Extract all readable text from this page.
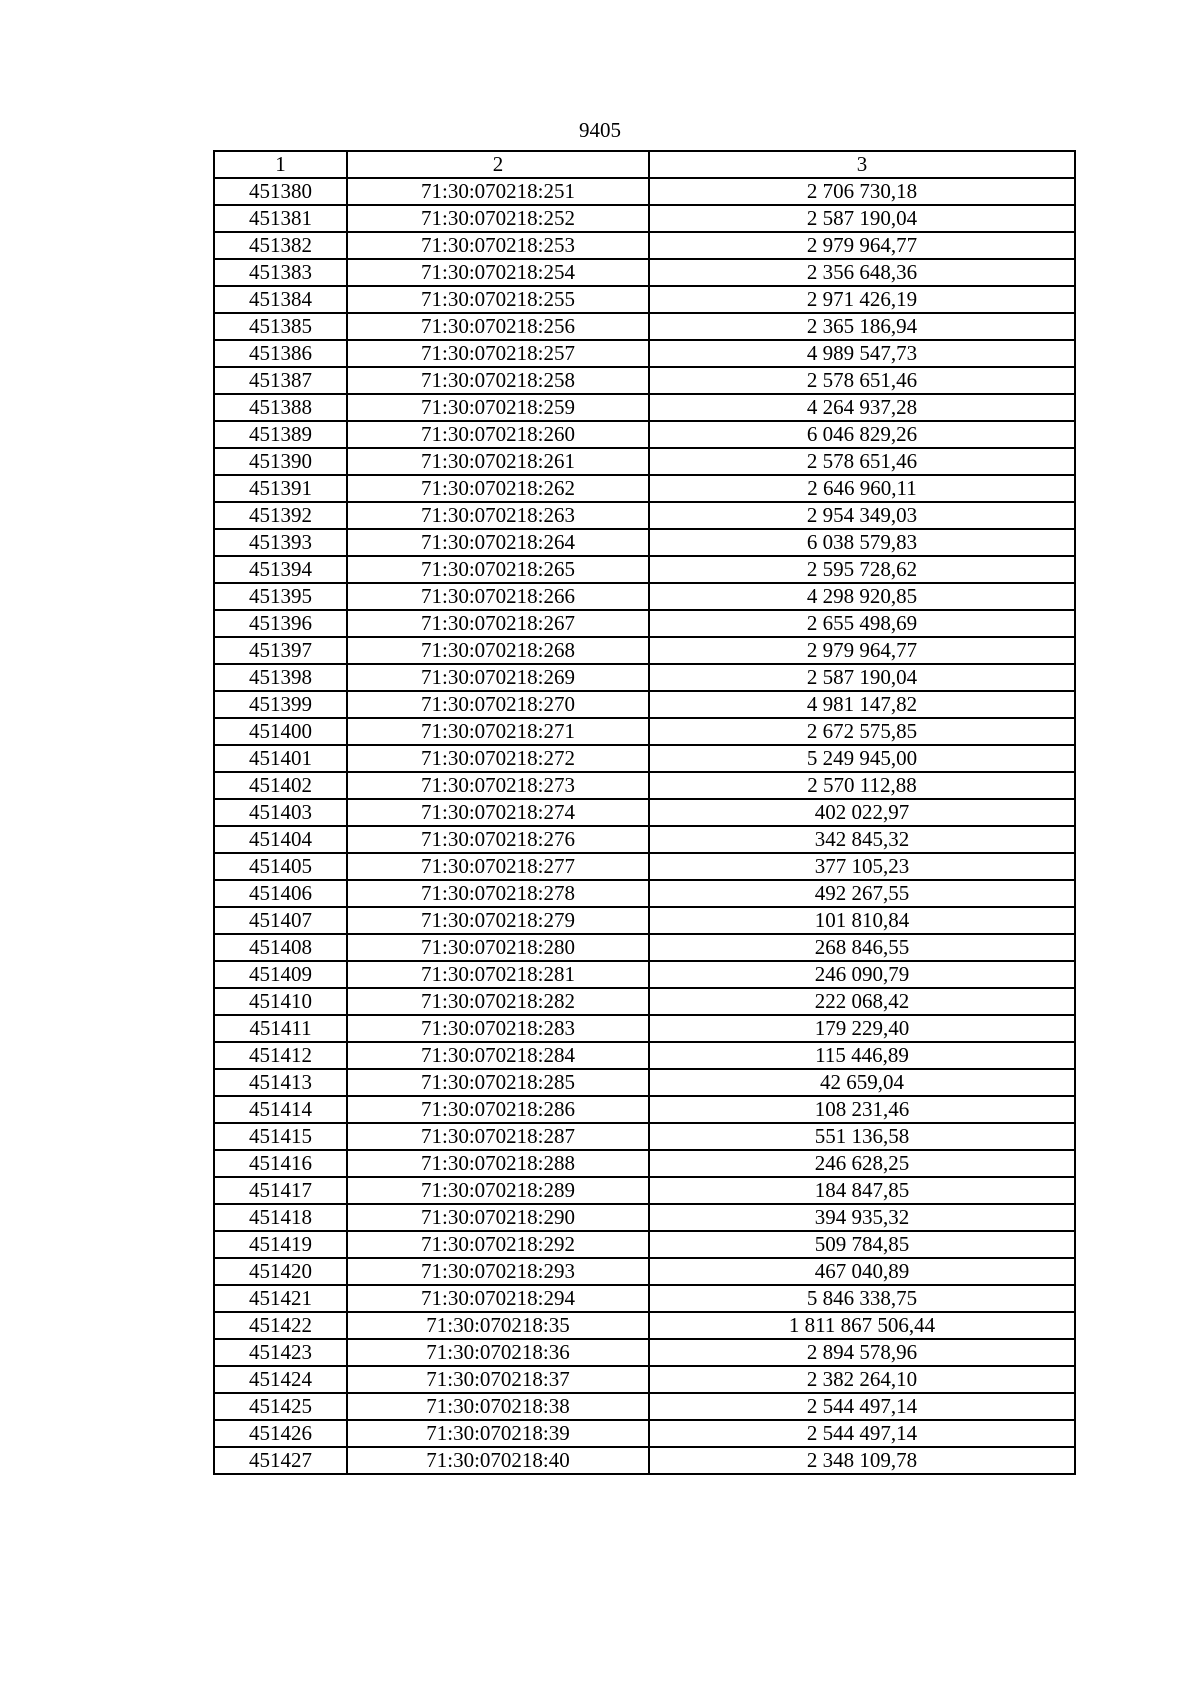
9405
1	2	3
451380	71:30:070218:251	2 706 730,18
451381	71:30:070218:252	2 587 190,04
451382	71:30:070218:253	2 979 964,77
451383	71:30:070218:254	2 356 648,36
451384	71:30:070218:255	2 971 426,19
451385	71:30:070218:256	2 365 186,94
451386	71:30:070218:257	4 989 547,73
451387	71:30:070218:258	2 578 651,46
451388	71:30:070218:259	4 264 937,28
451389	71:30:070218:260	6 046 829,26
451390	71:30:070218:261	2 578 651,46
451391	71:30:070218:262	2 646 960,11
451392	71:30:070218:263	2 954 349,03
451393	71:30:070218:264	6 038 579,83
451394	71:30:070218:265	2 595 728,62
451395	71:30:070218:266	4 298 920,85
451396	71:30:070218:267	2 655 498,69
451397	71:30:070218:268	2 979 964,77
451398	71:30:070218:269	2 587 190,04
451399	71:30:070218:270	4 981 147,82
451400	71:30:070218:271	2 672 575,85
451401	71:30:070218:272	5 249 945,00
451402	71:30:070218:273	2 570 112,88
451403	71:30:070218:274	402 022,97
451404	71:30:070218:276	342 845,32
451405	71:30:070218:277	377 105,23
451406	71:30:070218:278	492 267,55
451407	71:30:070218:279	101 810,84
451408	71:30:070218:280	268 846,55
451409	71:30:070218:281	246 090,79
451410	71:30:070218:282	222 068,42
451411	71:30:070218:283	179 229,40
451412	71:30:070218:284	115 446,89
451413	71:30:070218:285	42 659,04
451414	71:30:070218:286	108 231,46
451415	71:30:070218:287	551 136,58
451416	71:30:070218:288	246 628,25
451417	71:30:070218:289	184 847,85
451418	71:30:070218:290	394 935,32
451419	71:30:070218:292	509 784,85
451420	71:30:070218:293	467 040,89
451421	71:30:070218:294	5 846 338,75
451422	71:30:070218:35	1 811 867 506,44
451423	71:30:070218:36	2 894 578,96
451424	71:30:070218:37	2 382 264,10
451425	71:30:070218:38	2 544 497,14
451426	71:30:070218:39	2 544 497,14
451427	71:30:070218:40	2 348 109,78
